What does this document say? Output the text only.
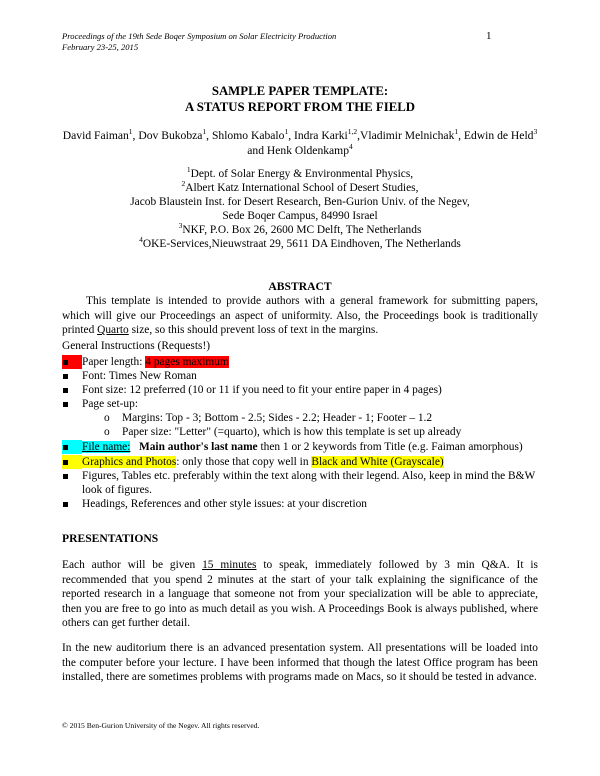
Proceedings of the 19th Sede Boqer Symposium on Solar Electricity Production
February 23-25, 2015
1
SAMPLE PAPER TEMPLATE:
A STATUS REPORT FROM THE FIELD
David Faiman$^1$, Dov Bukobza$^1$, Shlomo Kabalo$^1$, Indra Karki$^{1,2}$,Vladimir Melnichak$^1$, Edwin de Held$^3$ and Henk Oldenkamp$^4$
$^1$Dept. of Solar Energy & Environmental Physics,
$^2$Albert Katz International School of Desert Studies,
Jacob Blaustein Inst. for Desert Research, Ben-Gurion Univ. of the Negev,
Sede Boqer Campus, 84990 Israel
$^3$NKF, P.O. Box 26, 2600 MC Delft, The Netherlands
$^4$OKE-Services,Nieuwstraat 29, 5611 DA Eindhoven, The Netherlands
ABSTRACT
This template is intended to provide authors with a general framework for submitting papers, which will give our Proceedings an aspect of uniformity. Also, the Proceedings book is traditionally printed Quarto size, so this should prevent loss of text in the margins.
General Instructions (Requests!)
Paper length: 4 pages maximum
Font: Times New Roman
Font size: 12 preferred (10 or 11 if you need to fit your entire paper in 4 pages)
Page set-up:
o Margins: Top - 3; Bottom - 2.5; Sides - 2.2; Header - 1; Footer – 1.2
o Paper size: "Letter" (=quarto), which is how this template is set up already
File name: Main author's last name then 1 or 2 keywords from Title (e.g. Faiman amorphous)
Graphics and Photos: only those that copy well in Black and White (Grayscale)
Figures, Tables etc. preferably within the text along with their legend. Also, keep in mind the B&W look of figures.
Headings, References and other style issues: at your discretion
PRESENTATIONS
Each author will be given 15 minutes to speak, immediately followed by 3 min Q&A. It is recommended that you spend 2 minutes at the start of your talk explaining the significance of the reported research in a language that someone not from your specialization will be able to appreciate, then you are free to go into as much detail as you wish. A Proceedings Book is always published, where others can get further detail.
In the new auditorium there is an advanced presentation system. All presentations will be loaded into the computer before your lecture. I have been informed that though the latest Office program has been installed, there are sometimes problems with programs made on Macs, so it should be tested in advance.
© 2015 Ben-Gurion University of the Negev. All rights reserved.
